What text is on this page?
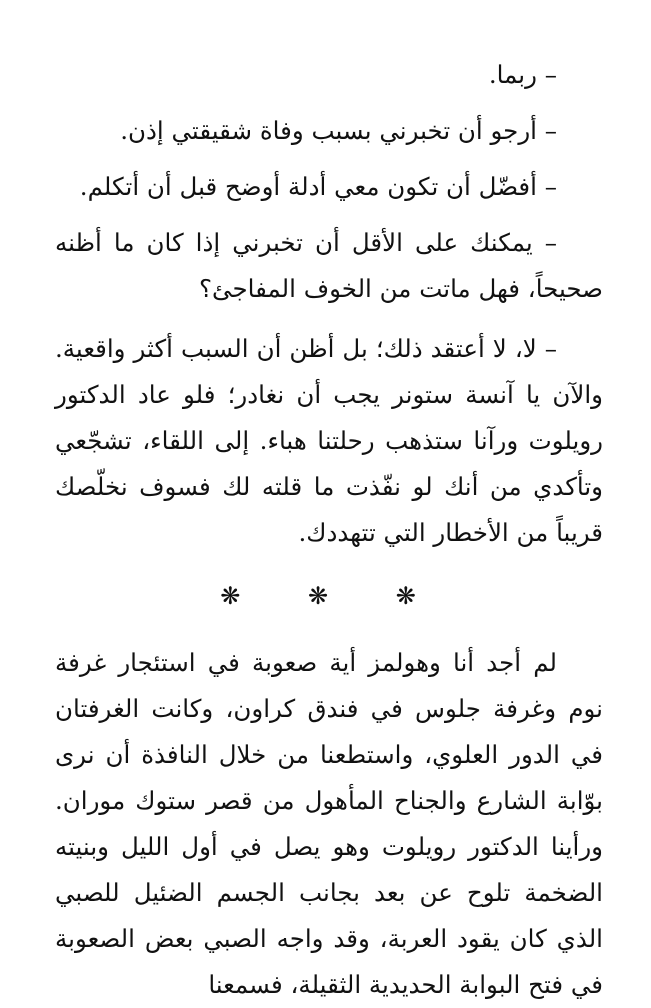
– ربما.

– أرجو أن تخبرني بسبب وفاة شقيقتي إذن.

– أفضّل أن تكون معي أدلة أوضح قبل أن أتكلم.

– يمكنك على الأقل أن تخبرني إذا كان ما أظنه صحيحاً، فهل ماتت من الخوف المفاجئ؟

– لا، لا أعتقد ذلك؛ بل أظن أن السبب أكثر واقعية. والآن يا آنسة ستونر يجب أن نغادر؛ فلو عاد الدكتور رويلوت ورآنا ستذهب رحلتنا هباء. إلى اللقاء، تشجّعي وتأكدي من أنك لو نفّذت ما قلته لك فسوف نخلّصك قريباً من الأخطار التي تتهددك.

❋ ❋ ❋

لم أجد أنا وهولمز أية صعوبة في استئجار غرفة نوم وغرفة جلوس في فندق كراون، وكانت الغرفتان في الدور العلوي، واستطعنا من خلال النافذة أن نرى بوّابة الشارع والجناح المأهول من قصر ستوك موران. ورأينا الدكتور رويلوت وهو يصل في أول الليل وبنيته الضخمة تلوح عن بعد بجانب الجسم الضئيل للصبي الذي كان يقود العربة، وقد واجه الصبي بعض الصعوبة في فتح البوابة الحديدية الثقيلة، فسمعنا
